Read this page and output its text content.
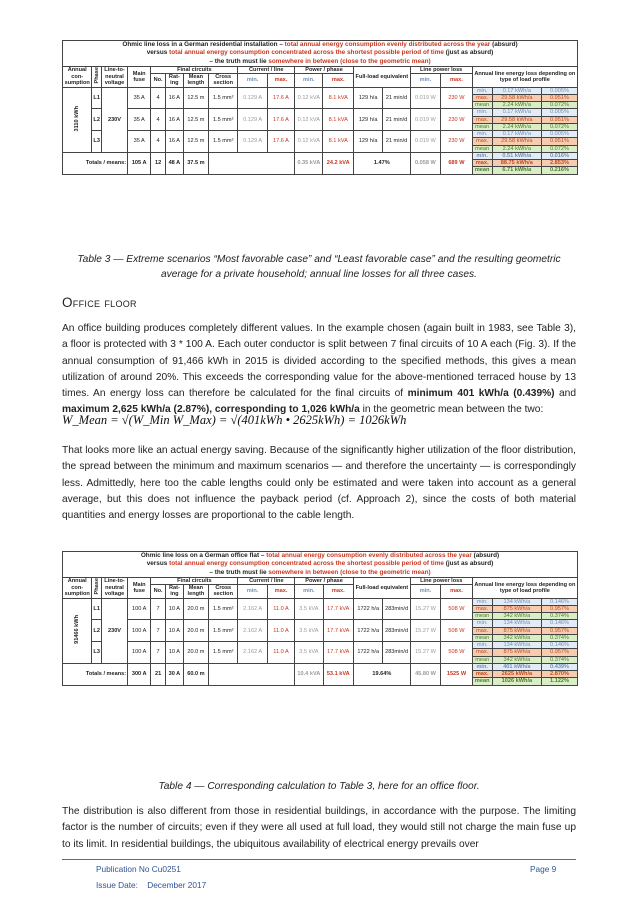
Ohmic line loss in a German residential installation – total annual energy consumption evenly distributed across the year (absurd)
versus total annual energy consumption concentrated across the shortest possible period of time (just as absurd)
– the truth must lie somewhere in between (close to the geometric mean)																		
Annual con- sumption	Phase	Line-to- neutral voltage	Main fuse	Final circuits				Current / line		Power / phase		Full-load equivalent		Line power loss		Annual line energy loss depending on type of load profile		
				No.	Rat- ing	Mean length	Cross section	min.	max.	min.	max.			min.	max.			
3110 kWh	L1	230V	35 A	4	16 A	12.5 m	1.5 mm²	0.129 A	17.6 A	0.12 kVA	8.1 kVA	129 h/a	21 min/d	0.019 W	230 W	min.	0.17 kWh/a	0.005%
																max.	29.58 kWh/a	0.951%
																mean	2.24 kWh/a	0.072%
	L2		35 A	4	16 A	12.5 m	1.5 mm²	0.129 A	17.6 A	0.12 kVA	8.1 kVA	129 h/a	21 min/d	0.019 W	230 W	min.	0.17 kWh/a	0.005%
																max.	29.58 kWh/a	0.951%
																mean	2.24 kWh/a	0.072%
	L3		35 A	4	16 A	12.5 m	1.5 mm²	0.129 A	17.6 A	0.12 kVA	8.1 kVA	129 h/a	21 min/d	0.019 W	230 W	min.	0.17 kWh/a	0.005%
																max.	29.58 kWh/a	0.951%
																mean	2.24 kWh/a	0.072%
Totals / means:			105 A	12	48 A	37.5 m				0.35 kVA	24.2 kVA	1.47%		0.058 W	689 W	min.	0.51 kWh/a	0.016%
																max.	88.75 kWh/a	2.853%
																mean	6.71 kWh/a	0.216%
Table 3 — Extreme scenarios “Most favorable case” and “Least favorable case” and the resulting geometric
average for a private household; annual line losses for all three cases.
Office floor
An office building produces completely different values. In the example chosen (again built in 1983, see Table 3), a floor is protected with 3 * 100 A. Each outer conductor is split between 7 final circuits of 10 A each (Fig. 3). If the annual consumption of 91,466 kWh in 2015 is divided according to the specified methods, this gives a mean utilization of around 20%. This exceeds the corresponding value for the above-mentioned terraced house by 13 times. An energy loss can therefore be calculated for the final circuits of minimum 401 kWh/a (0.439%) and maximum 2,625 kWh/a (2.87%), corresponding to 1,026 kWh/a in the geometric mean between the two:
W_Mean = √(W_Min W_Max) = √(401kWh • 2625kWh) = 1026kWh
That looks more like an actual energy saving. Because of the significantly higher utilization of the floor distribution, the spread between the minimum and maximum scenarios — and therefore the uncertainty — is correspondingly less. Admittedly, here too the cable lengths could only be estimated and were taken into account as a general average, but this does not influence the payback period (cf. Approach 2), since the costs of both material quantities and energy losses are proportional to the cable length.
Ohmic line loss on a German office flat – total annual energy consumption evenly distributed across the year (absurd)
versus total annual energy consumption concentrated across the shortest possible period of time (just as absurd)
– the truth must lie somewhere in between (close to the geometric mean)																		
Annual con- sumption	Phase	Line-to- neutral voltage	Main fuse	Final circuits				Current / line		Power / phase		Full-load equivalent		Line power loss		Annual line energy loss depending on type of load profile		
				No.	Rat- ing	Mean length	Cross section	min.	max.	min.	max.			min.	max.			
91466 kWh	L1	230V	100 A	7	10 A	20.0 m	1.5 mm²	2.162 A	11.0 A	3.5 kVA	17.7 kVA	1722 h/a	283min/d	15.27 W	508 W	min.	134 kWh/a	0.146%
																max.	875 kWh/a	0.957%
																mean	342 kWh/a	0.374%
	L2		100 A	7	10 A	20.0 m	1.5 mm²	2.162 A	11.0 A	3.5 kVA	17.7 kVA	1722 h/a	283min/d	15.27 W	508 W	min.	134 kWh/a	0.146%
																max.	875 kWh/a	0.957%
																mean	342 kWh/a	0.374%
	L3		100 A	7	10 A	20.0 m	1.5 mm²	2.162 A	11.0 A	3.5 kVA	17.7 kVA	1722 h/a	283min/d	15.27 W	508 W	min.	134 kWh/a	0.146%
																max.	875 kWh/a	0.957%
																mean	342 kWh/a	0.374%
Totals / means:			300 A	21	30 A	60.0 m				10.4 kVA	53.1 kVA	19.64%		45.80 W	1525 W	min.	401 kWh/a	0.439%
																max.	2625 kWh/a	2.870%
																mean	1026 kWh/a	1.122%
Table 4 — Corresponding calculation to Table 3, here for an office floor.
The distribution is also different from those in residential buildings, in accordance with the purpose. The limiting factor is the number of circuits; even if they were all used at full load, they would still not charge the main fuse up to its limit. In residential buildings, the ubiquitous availability of electrical energy prevails over
Publication No Cu0251
Issue Date: December 2017
Page 9
